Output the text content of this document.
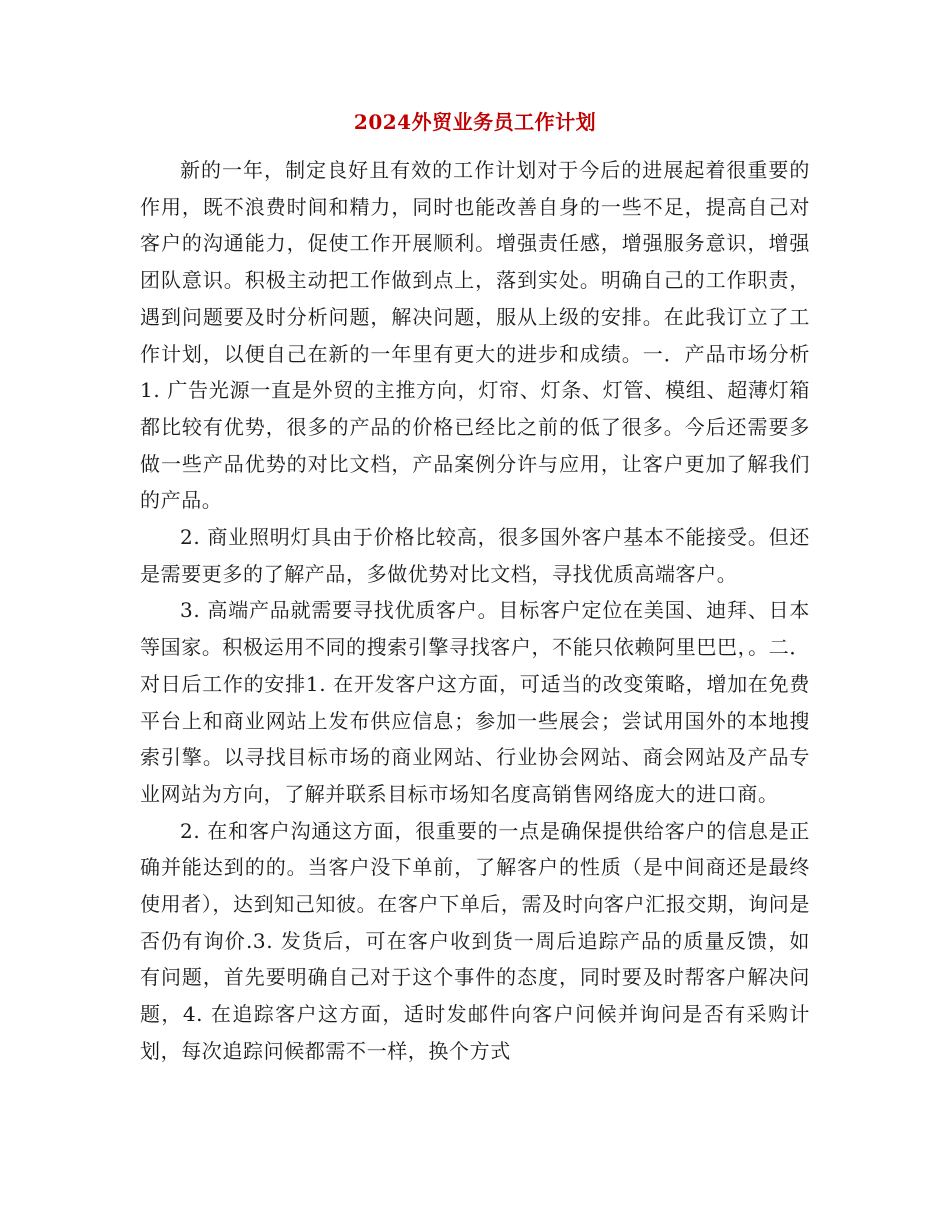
2024外贸业务员工作计划

新的一年，制定良好且有效的工作计划对于今后的进展起着很重要的作用，既不浪费时间和精力，同时也能改善自身的一些不足，提高自己对客户的沟通能力，促使工作开展顺利。增强责任感，增强服务意识，增强团队意识。积极主动把工作做到点上，落到实处。明确自己的工作职责，遇到问题要及时分析问题，解决问题，服从上级的安排。在此我订立了工作计划，以便自己在新的一年里有更大的进步和成绩。一．产品市场分析1. 广告光源一直是外贸的主推方向，灯帘、灯条、灯管、模组、超薄灯箱都比较有优势，很多的产品的价格已经比之前的低了很多。今后还需要多做一些产品优势的对比文档，产品案例分许与应用，让客户更加了解我们的产品。

2. 商业照明灯具由于价格比较高，很多国外客户基本不能接受。但还是需要更多的了解产品，多做优势对比文档，寻找优质高端客户。

3. 高端产品就需要寻找优质客户。目标客户定位在美国、迪拜、日本等国家。积极运用不同的搜索引擎寻找客户，不能只依赖阿里巴巴，。二．对日后工作的安排1. 在开发客户这方面，可适当的改变策略，增加在免费平台上和商业网站上发布供应信息；参加一些展会；尝试用国外的本地搜索引擎。以寻找目标市场的商业网站、行业协会网站、商会网站及产品专业网站为方向，了解并联系目标市场知名度高销售网络庞大的进口商。

2. 在和客户沟通这方面，很重要的一点是确保提供给客户的信息是正确并能达到的的。当客户没下单前，了解客户的性质（是中间商还是最终使用者），达到知己知彼。在客户下单后，需及时向客户汇报交期，询问是否仍有询价.3. 发货后，可在客户收到货一周后追踪产品的质量反馈，如有问题，首先要明确自己对于这个事件的态度，同时要及时帮客户解决问题，4. 在追踪客户这方面，适时发邮件向客户问候并询问是否有采购计划，每次追踪问候都需不一样，换个方式
